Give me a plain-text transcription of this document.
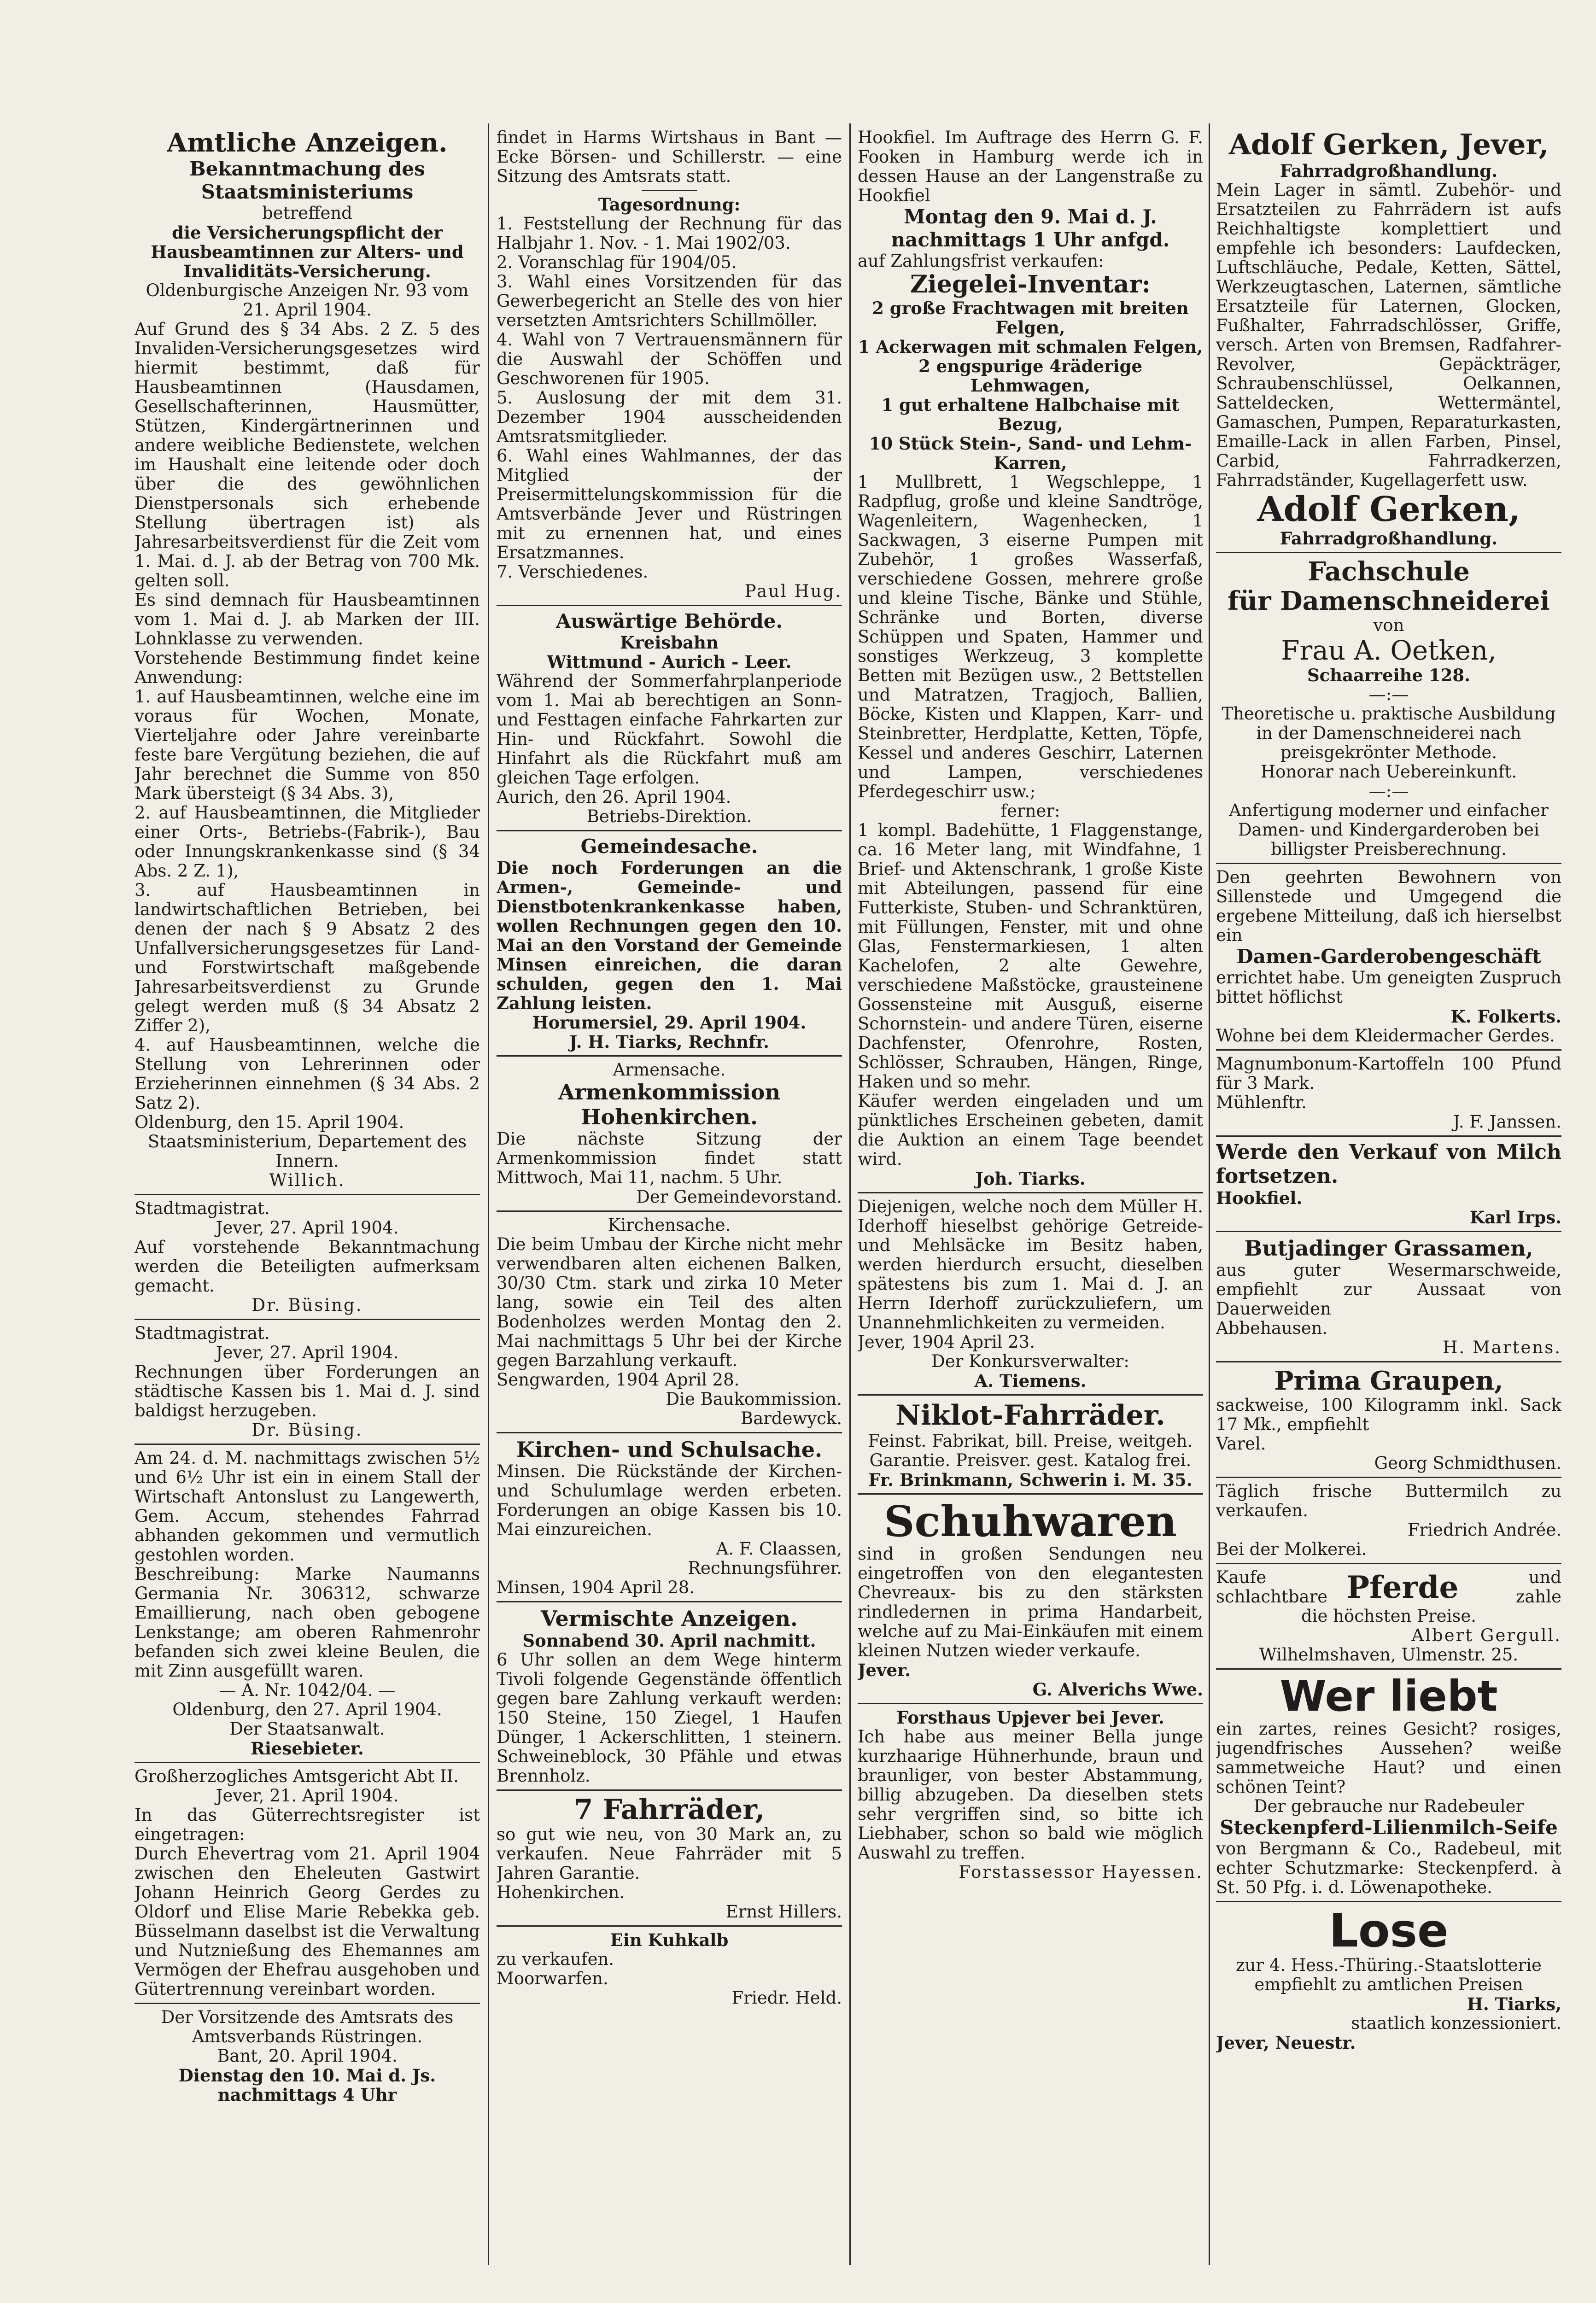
Amtliche Anzeigen.

Bekanntmachung des Staatsministeriums

betreffend

die Versicherungspflicht der Hausbeamtinnen zur Alters- und Invaliditäts-Versicherung.

Oldenburgische Anzeigen Nr. 93 vom 21. April 1904.

Auf Grund des § 34 Abs. 2 Z. 5 des Invaliden-Versicherungsgesetzes wird hiermit bestimmt, daß für Hausbeamtinnen (Hausdamen, Gesellschafterinnen, Hausmütter, Stützen, Kindergärtnerinnen und andere weibliche Bedienstete, welchen im Haushalt eine leitende oder doch über die des gewöhnlichen Dienstpersonals sich erhebende Stellung übertragen ist) als Jahresarbeitsverdienst für die Zeit vom 1. Mai. d. J. ab der Betrag von 700 Mk. gelten soll.

Es sind demnach für Hausbeamtinnen vom 1. Mai d. J. ab Marken der III. Lohnklasse zu verwenden.

Vorstehende Bestimmung findet keine Anwendung:

1. auf Hausbeamtinnen, welche eine im voraus für Wochen, Monate, Vierteljahre oder Jahre vereinbarte feste bare Vergütung beziehen, die auf Jahr berechnet die Summe von 850 Mark übersteigt (§ 34 Abs. 3),

2. auf Hausbeamtinnen, die Mitglieder einer Orts-, Betriebs-(Fabrik-), Bau oder Innungskrankenkasse sind (§ 34 Abs. 2 Z. 1),

3. auf Hausbeamtinnen in landwirtschaftlichen Betrieben, bei denen der nach § 9 Absatz 2 des Unfallversicherungsgesetzes für Land- und Forstwirtschaft maßgebende Jahresarbeitsverdienst zu Grunde gelegt werden muß (§ 34 Absatz 2 Ziffer 2),

4. auf Hausbeamtinnen, welche die Stellung von Lehrerinnen oder Erzieherinnen einnehmen (§ 34 Abs. 2 Satz 2).

Oldenburg, den 15. April 1904.

Staatsministerium, Departement des Innern.

Willich.

Stadtmagistrat.

Jever, 27. April 1904.

Auf vorstehende Bekanntmachung werden die Beteiligten aufmerksam gemacht.

Dr. Büsing.

Stadtmagistrat.

Jever, 27. April 1904.

Rechnungen über Forderungen an städtische Kassen bis 1. Mai d. J. sind baldigst herzugeben.

Dr. Büsing.

Am 24. d. M. nachmittags zwischen 5½ und 6½ Uhr ist ein in einem Stall der Wirtschaft Antonslust zu Langewerth, Gem. Accum, stehendes Fahrrad abhanden gekommen und vermutlich gestohlen worden.

Beschreibung: Marke Naumanns Germania Nr. 306312, schwarze Emaillierung, nach oben gebogene Lenkstange; am oberen Rahmenrohr befanden sich zwei kleine Beulen, die mit Zinn ausgefüllt waren.

— A. Nr. 1042/04. —

Oldenburg, den 27. April 1904.

Der Staatsanwalt.

Riesebieter.

Großherzogliches Amtsgericht Abt II.

Jever, 21. April 1904.

In das Güterrechtsregister ist eingetragen:

Durch Ehevertrag vom 21. April 1904 zwischen den Eheleuten Gastwirt Johann Heinrich Georg Gerdes zu Oldorf und Elise Marie Rebekka geb. Büsselmann daselbst ist die Verwaltung und Nutznießung des Ehemannes am Vermögen der Ehefrau ausgehoben und Gütertrennung vereinbart worden.

Der Vorsitzende des Amtsrats des Amtsverbands Rüstringen.

Bant, 20. April 1904.

Dienstag den 10. Mai d. Js. nachmittags 4 Uhr

findet in Harms Wirtshaus in Bant — Ecke Börsen- und Schillerstr. — eine Sitzung des Amtsrats statt.

Tagesordnung:

1. Feststellung der Rechnung für das Halbjahr 1. Nov. - 1. Mai 1902/03.
2. Voranschlag für 1904/05.
3. Wahl eines Vorsitzenden für das Gewerbegericht an Stelle des von hier versetzten Amtsrichters Schillmöller.
4. Wahl von 7 Vertrauensmännern für die Auswahl der Schöffen und Geschworenen für 1905.
5. Auslosung der mit dem 31. Dezember 1904 ausscheidenden Amtsratsmitglieder.
6. Wahl eines Wahlmannes, der das Mitglied der Preisermittelungskommission für die Amtsverbände Jever und Rüstringen mit zu ernennen hat, und eines Ersatzmannes.
7. Verschiedenes.

Paul Hug.

Auswärtige Behörde.

Kreisbahn

Wittmund - Aurich - Leer.

Während der Sommerfahrplanperiode vom 1. Mai ab berechtigen an Sonn- und Festtagen einfache Fahrkarten zur Hin- und Rückfahrt. Sowohl die Hinfahrt als die Rückfahrt muß am gleichen Tage erfolgen.

Aurich, den 26. April 1904.

Betriebs-Direktion.

Gemeindesache.

Die noch Forderungen an die Armen-, Gemeinde- und Dienstbotenkrankenkasse haben, wollen Rechnungen gegen den 10. Mai an den Vorstand der Gemeinde Minsen einreichen, die daran schulden, gegen den 1. Mai Zahlung leisten.

Horumersiel, 29. April 1904.

J. H. Tiarks, Rechnfr.

Armensache.

Armenkommission Hohenkirchen.

Die nächste Sitzung der Armenkommission findet statt Mittwoch, Mai 11, nachm. 5 Uhr.

Der Gemeindevorstand.

Kirchensache.

Die beim Umbau der Kirche nicht mehr verwendbaren alten eichenen Balken, 30/30 Ctm. stark und zirka 10 Meter lang, sowie ein Teil des alten Bodenholzes werden Montag den 2. Mai nachmittags 5 Uhr bei der Kirche gegen Barzahlung verkauft.

Sengwarden, 1904 April 28.

Die Baukommission.

Bardewyck.

Kirchen- und Schulsache.

Minsen. Die Rückstände der Kirchen- und Schulumlage werden erbeten. Forderungen an obige Kassen bis 10. Mai einzureichen.

A. F. Claassen,

Rechnungsführer.

Minsen, 1904 April 28.

Vermischte Anzeigen.

Sonnabend 30. April nachmitt.

6 Uhr sollen an dem Wege hinterm Tivoli folgende Gegenstände öffentlich gegen bare Zahlung verkauft werden: 150 Steine, 150 Ziegel, 1 Haufen Dünger, 1 Ackerschlitten, 1 steinern. Schweineblock, 30 Pfähle und etwas Brennholz.

7 Fahrräder,

so gut wie neu, von 30 Mark an, zu verkaufen. Neue Fahrräder mit 5 Jahren Garantie.

Hohenkirchen.

Ernst Hillers.

Ein Kuhkalb

zu verkaufen.

Moorwarfen.

Friedr. Held.

Hookfiel. Im Auftrage des Herrn G. F. Fooken in Hamburg werde ich in dessen Hause an der Langenstraße zu Hookfiel

Montag den 9. Mai d. J. nachmittags 1 Uhr anfgd.

auf Zahlungsfrist verkaufen:

Ziegelei-Inventar:

2 große Frachtwagen mit breiten Felgen,

1 Ackerwagen mit schmalen Felgen,

2 engspurige 4räderige Lehmwagen,

1 gut erhaltene Halbchaise mit Bezug,

10 Stück Stein-, Sand- und Lehm-Karren,

1 Mullbrett, 1 Wegschleppe, 1 Radpflug, große und kleine Sandtröge, Wagenleitern, Wagenhecken, 1 Sackwagen, 3 eiserne Pumpen mit Zubehör, 1 großes Wasserfaß, verschiedene Gossen, mehrere große und kleine Tische, Bänke und Stühle, Schränke und Borten, diverse Schüppen und Spaten, Hammer und sonstiges Werkzeug, 3 komplette Betten mit Bezügen usw., 2 Bettstellen und Matratzen, Tragjoch, Ballien, Böcke, Kisten und Klappen, Karr- und Steinbretter, Herdplatte, Ketten, Töpfe, Kessel und anderes Geschirr, Laternen und Lampen, verschiedenes Pferdegeschirr usw.;

ferner:

1 kompl. Badehütte, 1 Flaggenstange, ca. 16 Meter lang, mit Windfahne, 1 Brief- und Aktenschrank, 1 große Kiste mit Abteilungen, passend für eine Futterkiste, Stuben- und Schranktüren, mit Füllungen, Fenster, mit und ohne Glas, Fenstermarkiesen, 1 alten Kachelofen, 2 alte Gewehre, verschiedene Maßstöcke, grausteinene Gossensteine mit Ausguß, eiserne Schornstein- und andere Türen, eiserne Dachfenster, Ofenrohre, Rosten, Schlösser, Schrauben, Hängen, Ringe, Haken und so mehr.

Käufer werden eingeladen und um pünktliches Erscheinen gebeten, damit die Auktion an einem Tage beendet wird.

Joh. Tiarks.

Diejenigen, welche noch dem Müller H. Iderhoff hieselbst gehörige Getreide- und Mehlsäcke im Besitz haben, werden hierdurch ersucht, dieselben spätestens bis zum 1. Mai d. J. an Herrn Iderhoff zurückzuliefern, um Unannehmlichkeiten zu vermeiden.

Jever, 1904 April 23.

Der Konkursverwalter:

A. Tiemens.

Niklot-Fahrräder.

Feinst. Fabrikat, bill. Preise, weitgeh. Garantie. Preisver. gest. Katalog frei.

Fr. Brinkmann, Schwerin i. M. 35.

Schuhwaren

sind in großen Sendungen neu eingetroffen von den elegantesten Chevreaux- bis zu den stärksten rindledernen in prima Handarbeit, welche auf zu Mai-Einkäufen mit einem kleinen Nutzen wieder verkaufe.

Jever.

G. Alverichs Wwe.

Forsthaus Upjever bei Jever.

Ich habe aus meiner Bella junge kurzhaarige Hühnerhunde, braun und braunliger, von bester Abstammung, billig abzugeben. Da dieselben stets sehr vergriffen sind, so bitte ich Liebhaber, schon so bald wie möglich Auswahl zu treffen.

Forstassessor Hayessen.

Adolf Gerken, Jever,

Fahrradgroßhandlung.

Mein Lager in sämtl. Zubehör- und Ersatzteilen zu Fahrrädern ist aufs Reichhaltigste komplettiert und empfehle ich besonders: Laufdecken, Luftschläuche, Pedale, Ketten, Sättel, Werkzeugtaschen, Laternen, sämtliche Ersatzteile für Laternen, Glocken, Fußhalter, Fahrradschlösser, Griffe, versch. Arten von Bremsen, Radfahrer-Revolver, Gepäckträger, Schraubenschlüssel, Oelkannen, Satteldecken, Wettermäntel, Gamaschen, Pumpen, Reparaturkasten, Emaille-Lack in allen Farben, Pinsel, Carbid, Fahrradkerzen, Fahrradständer, Kugellagerfett usw.

Adolf Gerken,

Fahrradgroßhandlung.

Fachschule

für Damenschneiderei

von

Frau A. Oetken,

Schaarreihe 128.

—:—

Theoretische u. praktische Ausbildung in der Damenschneiderei nach preisgekrönter Methode.

Honorar nach Uebereinkunft.

—:—

Anfertigung moderner und einfacher Damen- und Kindergarderoben bei billigster Preisberechnung.

Den geehrten Bewohnern von Sillenstede und Umgegend die ergebene Mitteilung, daß ich hierselbst ein

Damen-Garderobengeschäft

errichtet habe. Um geneigten Zuspruch bittet höflichst

K. Folkerts.

Wohne bei dem Kleidermacher Gerdes.

Magnumbonum-Kartoffeln 100 Pfund für 3 Mark.

Mühlenftr.

J. F. Janssen.

Werde den Verkauf von Milch fortsetzen.

Hookfiel.

Karl Irps.

Butjadinger Grassamen,

aus guter Wesermarschweide, empfiehlt zur Aussaat von Dauerweiden

Abbehausen.

H. Martens.

Prima Graupen,

sackweise, 100 Kilogramm inkl. Sack 17 Mk., empfiehlt

Varel.

Georg Schmidthusen.

Täglich frische Buttermilch zu verkaufen.

Friedrich Andrée.

Bei der Molkerei.

Kaufe schlachtbare Pferde	und zahle

die höchsten Preise.

Albert Gergull.

Wilhelmshaven, Ulmenstr. 25.

Wer liebt

ein zartes, reines Gesicht? rosiges, jugendfrisches Aussehen? weiße sammetweiche Haut? und einen schönen Teint?

Der gebrauche nur Radebeuler

Steckenpferd-Lilienmilch-Seife

von Bergmann & Co., Radebeul, mit echter Schutzmarke: Steckenpferd. à St. 50 Pfg. i. d. Löwenapotheke.

Lose

zur 4. Hess.-Thüring.-Staatslotterie empfiehlt zu amtlichen Preisen

H. Tiarks,

staatlich konzessioniert.

Jever, Neuestr.
